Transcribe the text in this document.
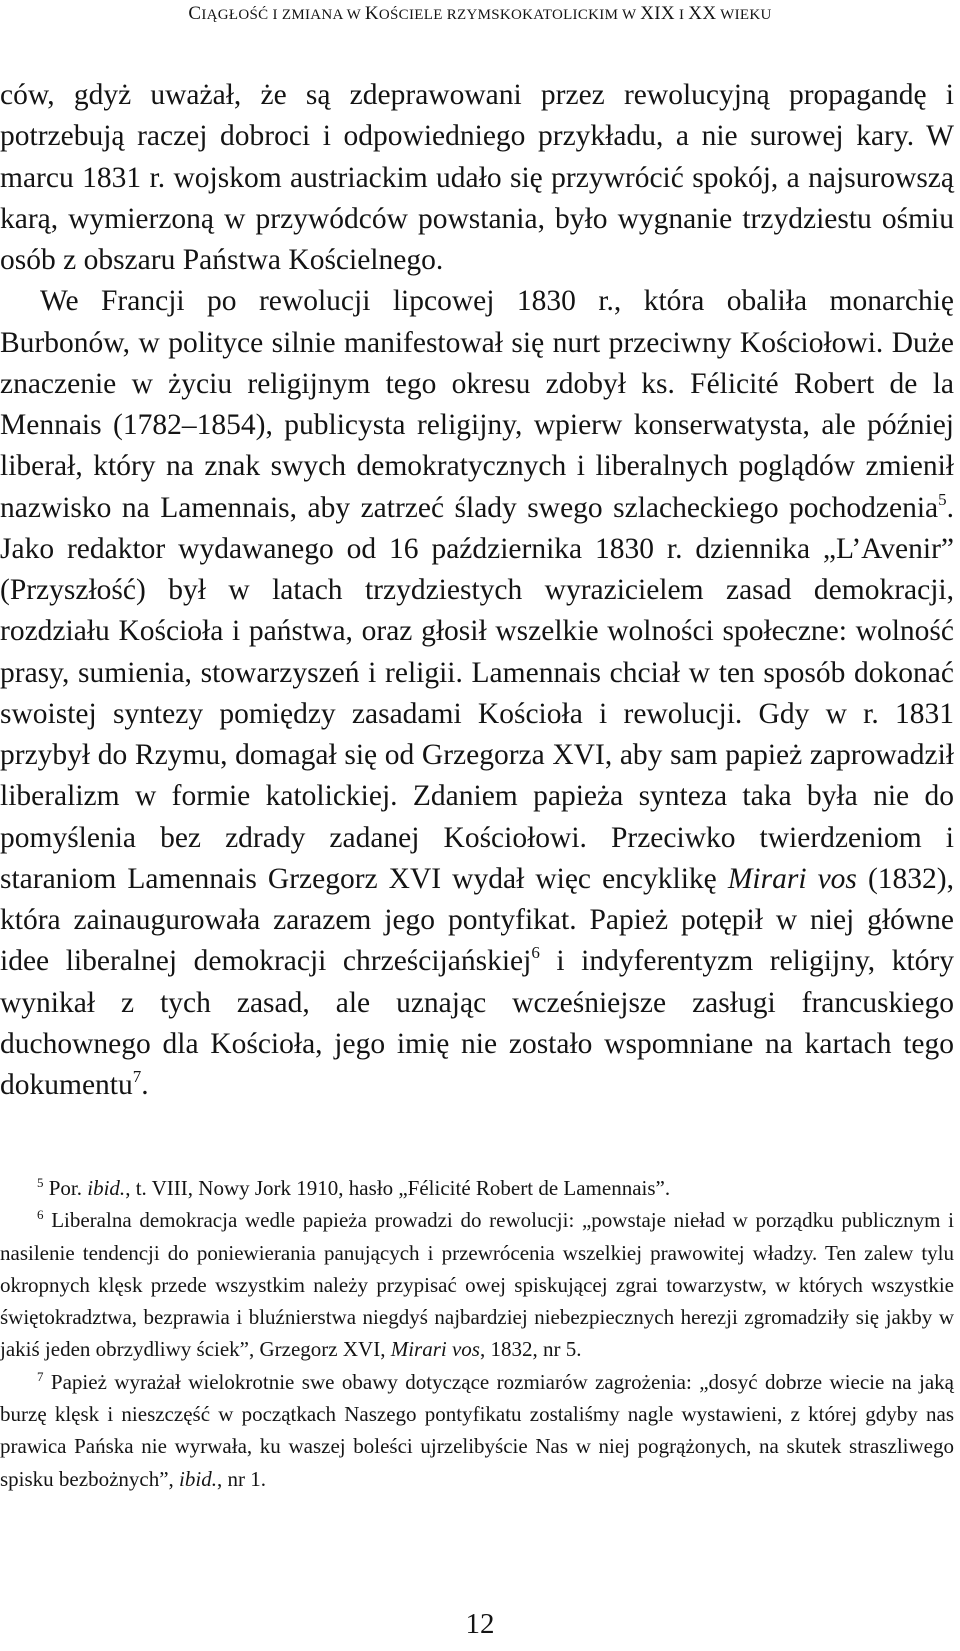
CIĄGŁOŚĆ I ZMIANA W KOŚCIELE RZYMSKOKATOLICKIM W XIX I XX WIEKU

ców, gdyż uważał, że są zdeprawowani przez rewolucyjną propagandę i potrzebują raczej dobroci i odpowiedniego przykładu, a nie surowej kary. W marcu 1831 r. wojskom austriackim udało się przywrócić spokój, a najsurowszą karą, wymierzoną w przywódców powstania, było wygnanie trzydziestu ośmiu osób z obszaru Państwa Kościelnego.

We Francji po rewolucji lipcowej 1830 r., która obaliła monarchię Burbonów, w polityce silnie manifestował się nurt przeciwny Kościołowi. Duże znaczenie w życiu religijnym tego okresu zdobył ks. Félicité Robert de la Mennais (1782–1854), publicysta religijny, wpierw konserwatysta, ale później liberał, który na znak swych demokratycznych i liberalnych poglądów zmienił nazwisko na Lamennais, aby zatrzeć ślady swego szlacheckiego pochodzenia$^5$. Jako redaktor wydawanego od 16 października 1830 r. dziennika „L’Avenir” (Przyszłość) był w latach trzydziestych wyrazicielem zasad demokracji, rozdziału Kościoła i państwa, oraz głosił wszelkie wolności społeczne: wolność prasy, sumienia, stowarzyszeń i religii. Lamennais chciał w ten sposób dokonać swoistej syntezy pomiędzy zasadami Kościoła i rewolucji. Gdy w r. 1831 przybył do Rzymu, domagał się od Grzegorza XVI, aby sam papież zaprowadził liberalizm w formie katolickiej. Zdaniem papieża synteza taka była nie do pomyślenia bez zdrady zadanej Kościołowi. Przeciwko twierdzeniom i staraniom Lamennais Grzegorz XVI wydał więc encyklikę Mirari vos (1832), która zainaugurowała zarazem jego pontyfikat. Papież potępił w niej główne idee liberalnej demokracji chrześcijańskiej$^6$ i indyferentyzm religijny, który wynikał z tych zasad, ale uznając wcześniejsze zasługi francuskiego duchownego dla Kościoła, jego imię nie zostało wspomniane na kartach tego dokumentu$^7$.

$^5$ Por. ibid., t. VIII, Nowy Jork 1910, hasło „Félicité Robert de Lamennais”.

$^6$ Liberalna demokracja wedle papieża prowadzi do rewolucji: „powstaje nieład w porządku publicznym i nasilenie tendencji do poniewierania panujących i przewrócenia wszelkiej prawowitej władzy. Ten zalew tylu okropnych klęsk przede wszystkim należy przypisać owej spiskującej zgrai towarzystw, w których wszystkie świętokradztwa, bezprawia i bluźnierstwa niegdyś najbardziej niebezpiecznych herezji zgromadziły się jakby w jakiś jeden obrzydliwy ściek”, Grzegorz XVI, Mirari vos, 1832, nr 5.

$^7$ Papież wyrażał wielokrotnie swe obawy dotyczące rozmiarów zagrożenia: „dosyć dobrze wiecie na jaką burzę klęsk i nieszczęść w początkach Naszego pontyfikatu zostaliśmy nagle wystawieni, z której gdyby nas prawica Pańska nie wyrwała, ku waszej boleści ujrzelibyście Nas w niej pogrążonych, na skutek straszliwego spisku bezbożnych”, ibid., nr 1.

12
